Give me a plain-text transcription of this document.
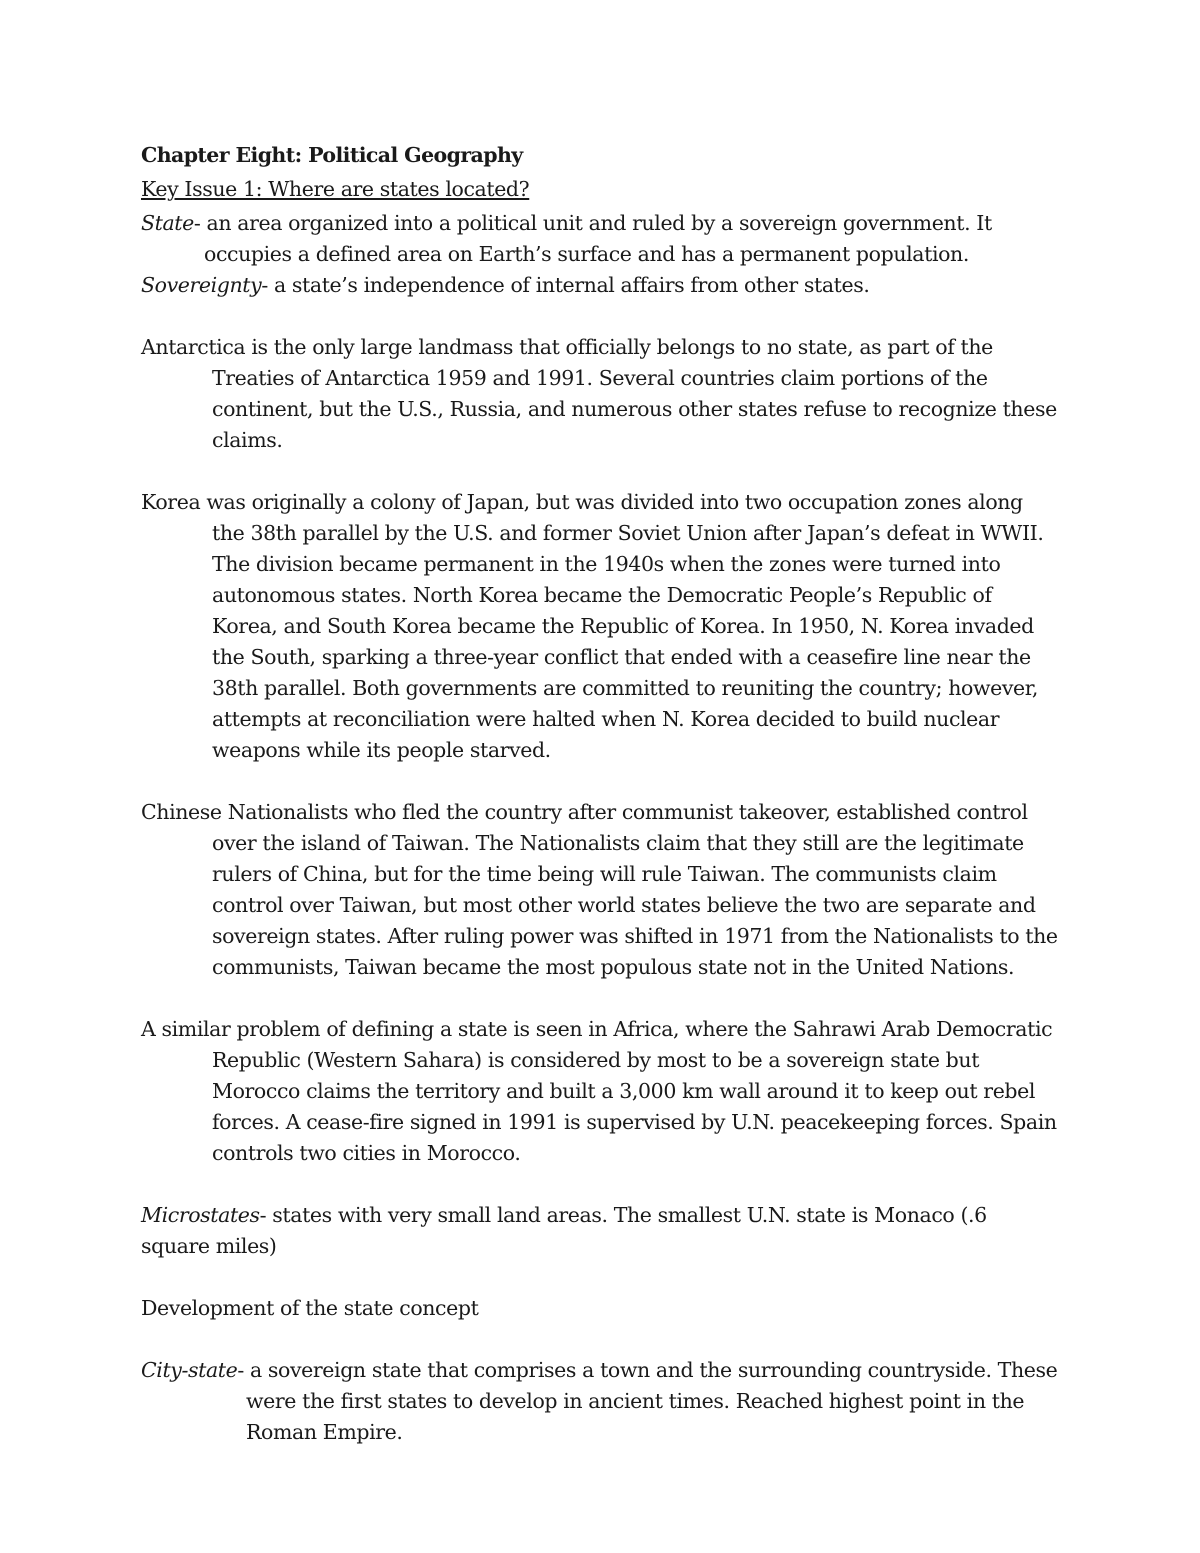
Chapter Eight: Political Geography

Key Issue 1: Where are states located?

State- an area organized into a political unit and ruled by a sovereign government. It occupies a defined area on Earth’s surface and has a permanent population.

Sovereignty- a state’s independence of internal affairs from other states.

Antarctica is the only large landmass that officially belongs to no state, as part of the Treaties of Antarctica 1959 and 1991. Several countries claim portions of the continent, but the U.S., Russia, and numerous other states refuse to recognize these claims.

Korea was originally a colony of Japan, but was divided into two occupation zones along the 38th parallel by the U.S. and former Soviet Union after Japan’s defeat in WWII. The division became permanent in the 1940s when the zones were turned into autonomous states. North Korea became the Democratic People’s Republic of Korea, and South Korea became the Republic of Korea. In 1950, N. Korea invaded the South, sparking a three-year conflict that ended with a ceasefire line near the 38th parallel. Both governments are committed to reuniting the country; however, attempts at reconciliation were halted when N. Korea decided to build nuclear weapons while its people starved.

Chinese Nationalists who fled the country after communist takeover, established control over the island of Taiwan. The Nationalists claim that they still are the legitimate rulers of China, but for the time being will rule Taiwan. The communists claim control over Taiwan, but most other world states believe the two are separate and sovereign states. After ruling power was shifted in 1971 from the Nationalists to the communists, Taiwan became the most populous state not in the United Nations.

A similar problem of defining a state is seen in Africa, where the Sahrawi Arab Democratic Republic (Western Sahara) is considered by most to be a sovereign state but Morocco claims the territory and built a 3,000 km wall around it to keep out rebel forces. A cease-fire signed in 1991 is supervised by U.N. peacekeeping forces. Spain controls two cities in Morocco.

Microstates- states with very small land areas. The smallest U.N. state is Monaco (.6 square miles)

Development of the state concept

City-state- a sovereign state that comprises a town and the surrounding countryside. These were the first states to develop in ancient times. Reached highest point in the Roman Empire.
